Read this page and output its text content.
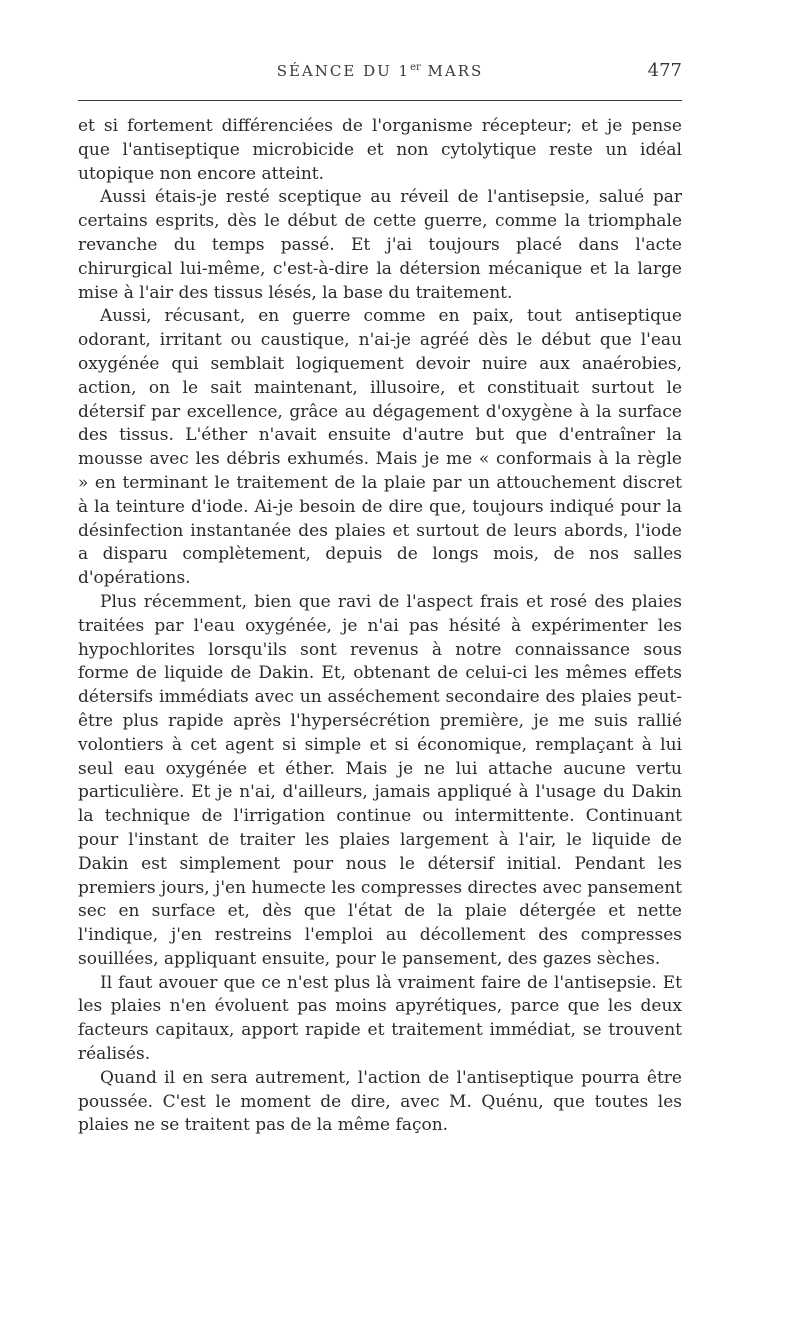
SÉANCE DU 1er MARS	477

et si fortement différenciées de l'organisme récepteur; et je pense que l'antiseptique microbicide et non cytolytique reste un idéal utopique non encore atteint.

Aussi étais-je resté sceptique au réveil de l'antisepsie, salué par certains esprits, dès le début de cette guerre, comme la triomphale revanche du temps passé. Et j'ai toujours placé dans l'acte chirurgical lui-même, c'est-à-dire la détersion mécanique et la large mise à l'air des tissus lésés, la base du traitement.

Aussi, récusant, en guerre comme en paix, tout antiseptique odorant, irritant ou caustique, n'ai-je agréé dès le début que l'eau oxygénée qui semblait logiquement devoir nuire aux anaérobies, action, on le sait maintenant, illusoire, et constituait surtout le détersif par excellence, grâce au dégagement d'oxygène à la surface des tissus. L'éther n'avait ensuite d'autre but que d'entraîner la mousse avec les débris exhumés. Mais je me « conformais à la règle » en terminant le traitement de la plaie par un attouchement discret à la teinture d'iode. Ai-je besoin de dire que, toujours indiqué pour la désinfection instantanée des plaies et surtout de leurs abords, l'iode a disparu complètement, depuis de longs mois, de nos salles d'opérations.

Plus récemment, bien que ravi de l'aspect frais et rosé des plaies traitées par l'eau oxygénée, je n'ai pas hésité à expérimenter les hypochlorites lorsqu'ils sont revenus à notre connaissance sous forme de liquide de Dakin. Et, obtenant de celui-ci les mêmes effets détersifs immédiats avec un asséchement secondaire des plaies peut-être plus rapide après l'hypersécrétion première, je me suis rallié volontiers à cet agent si simple et si économique, remplaçant à lui seul eau oxygénée et éther. Mais je ne lui attache aucune vertu particulière. Et je n'ai, d'ailleurs, jamais appliqué à l'usage du Dakin la technique de l'irrigation continue ou intermittente. Continuant pour l'instant de traiter les plaies largement à l'air, le liquide de Dakin est simplement pour nous le détersif initial. Pendant les premiers jours, j'en humecte les compresses directes avec pansement sec en surface et, dès que l'état de la plaie détergée et nette l'indique, j'en restreins l'emploi au décollement des compresses souillées, appliquant ensuite, pour le pansement, des gazes sèches.

Il faut avouer que ce n'est plus là vraiment faire de l'antisepsie. Et les plaies n'en évoluent pas moins apyrétiques, parce que les deux facteurs capitaux, apport rapide et traitement immédiat, se trouvent réalisés.

Quand il en sera autrement, l'action de l'antiseptique pourra être poussée. C'est le moment de dire, avec M. Quénu, que toutes les plaies ne se traitent pas de la même façon.
